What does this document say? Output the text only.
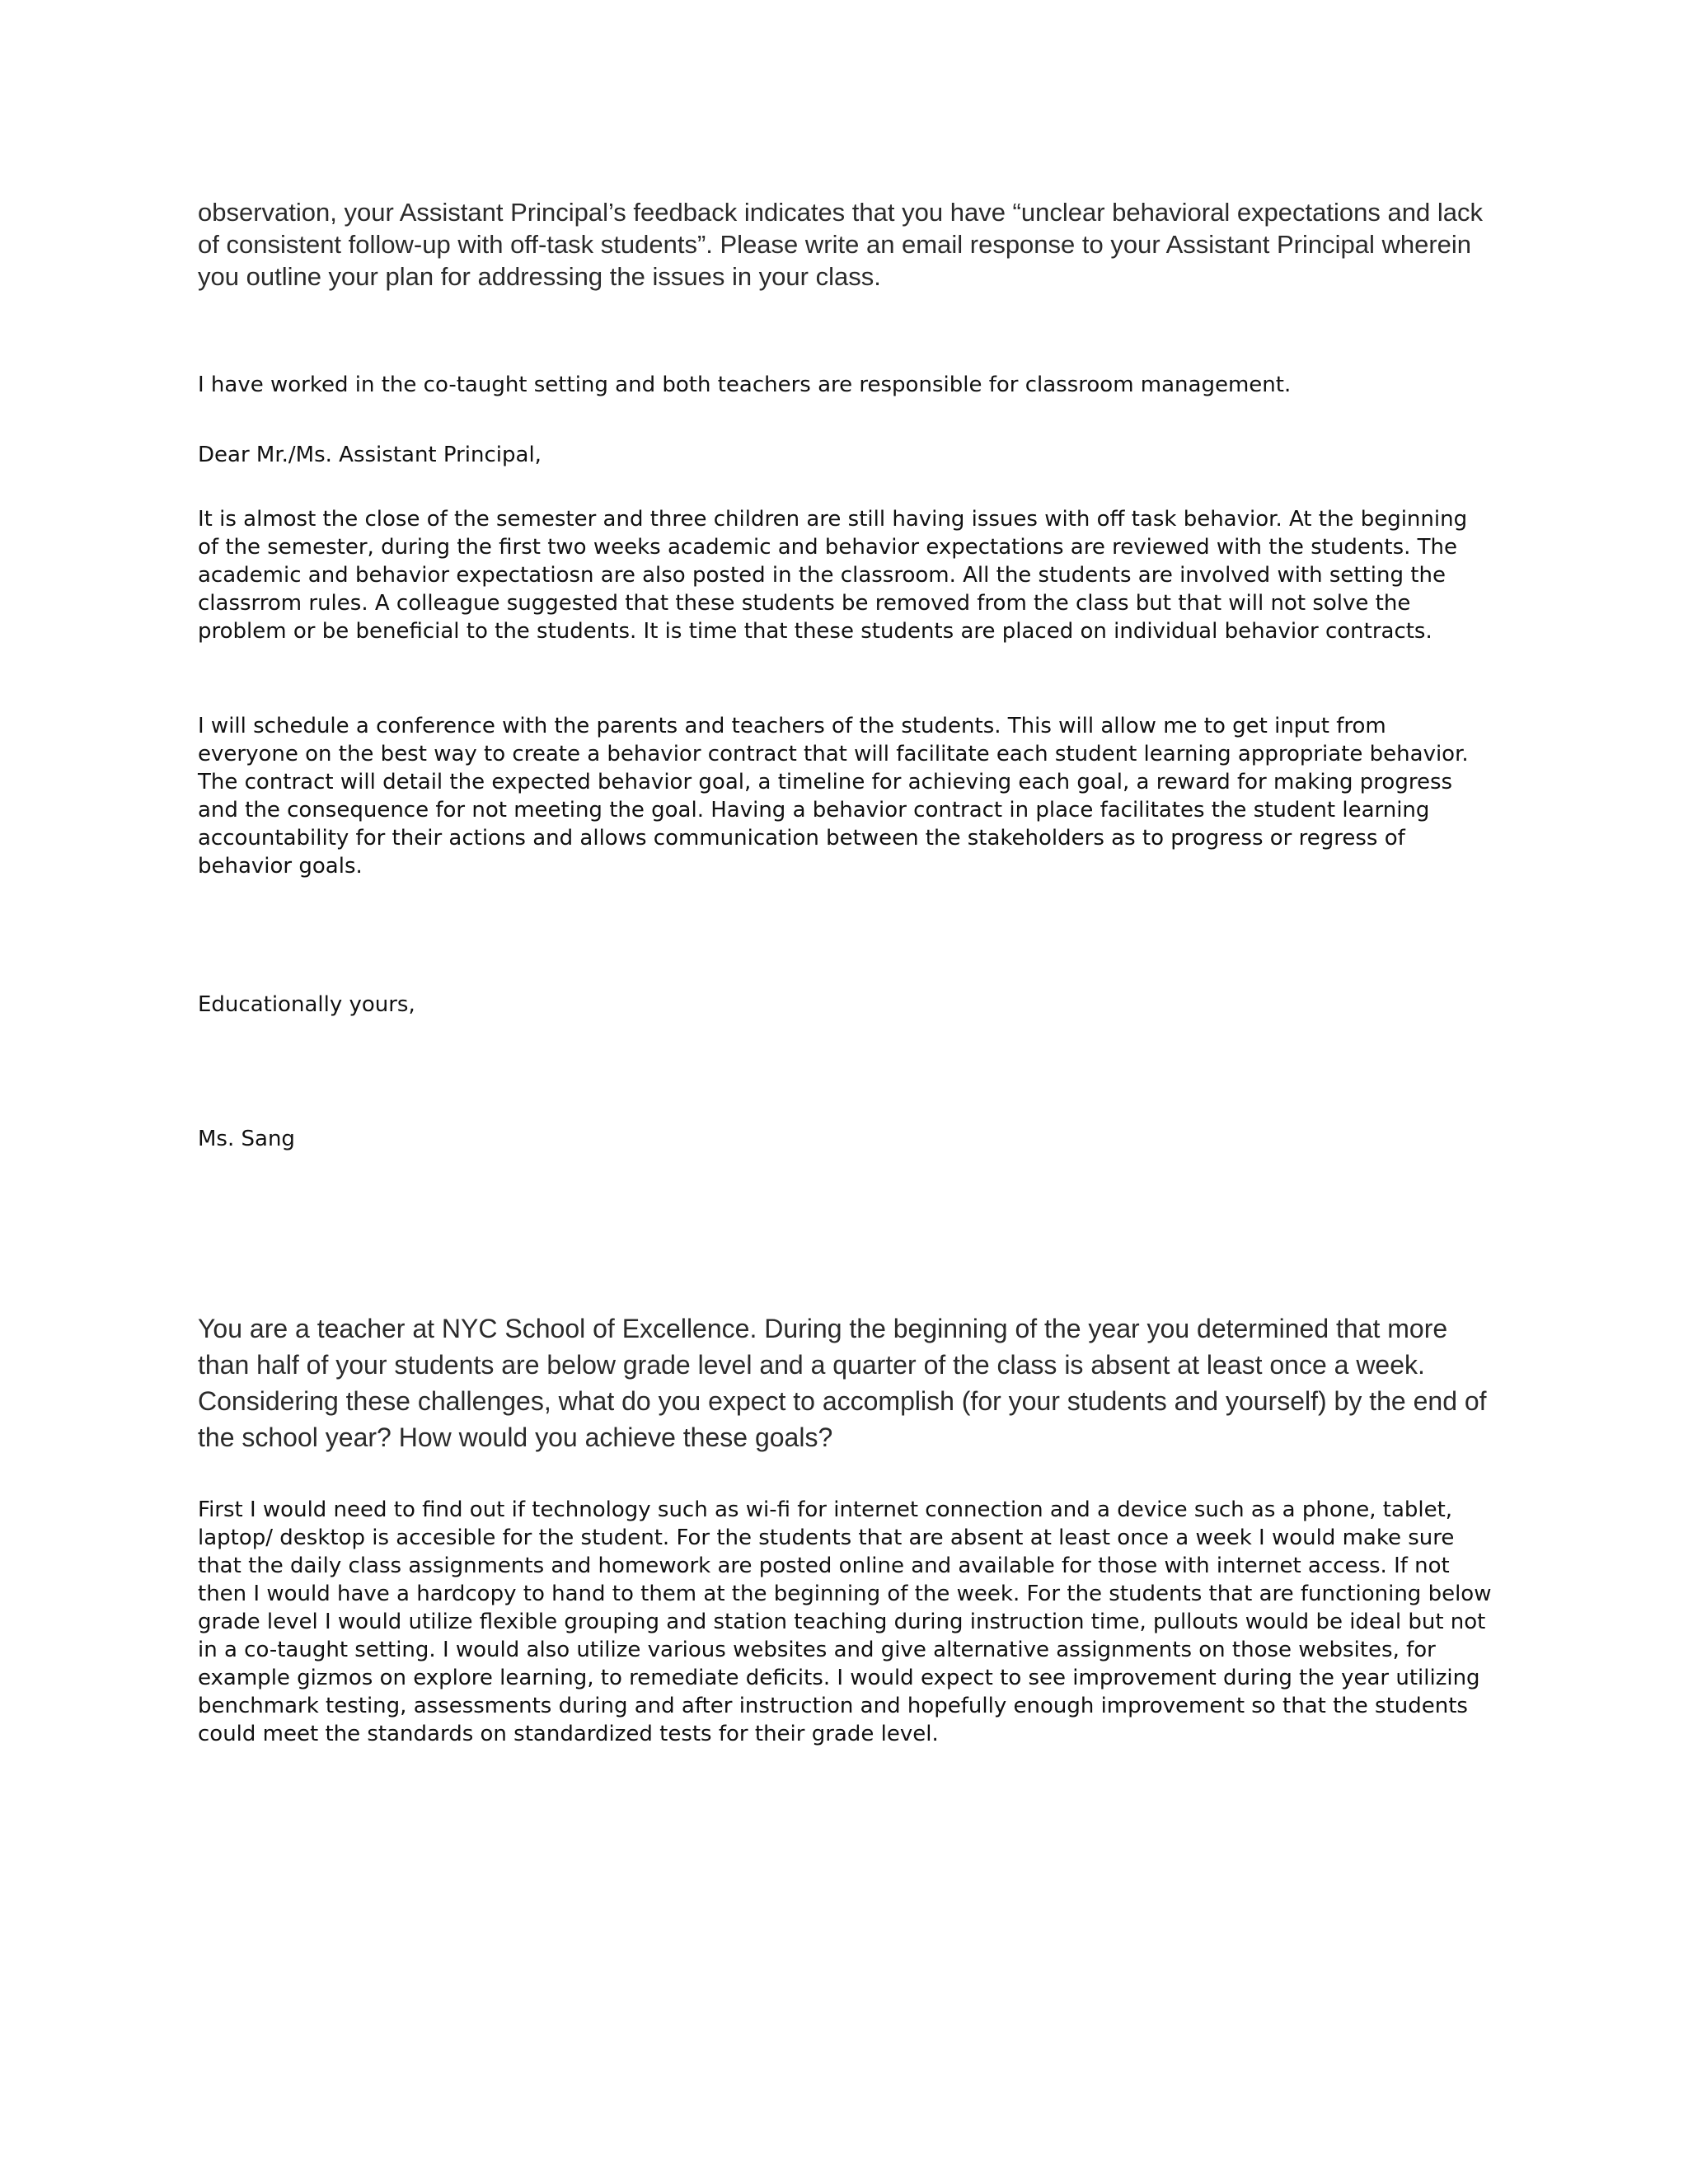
observation, your Assistant Principal’s feedback indicates that you have “unclear behavioral expectations and lack of consistent follow-up with off-task students”. Please write an email response to your Assistant Principal wherein you outline your plan for addressing the issues in your class.

I have worked in the co-taught setting and both teachers are responsible for classroom management.

Dear Mr./Ms. Assistant Principal,

It is almost the close of the semester and three children are still having issues with off task behavior. At the beginning of the semester, during the first two weeks academic and behavior expectations are reviewed with the students. The academic and behavior expectatiosn are also posted in the classroom. All the students are involved with setting the classrrom rules. A colleague suggested that these students be removed from the class but that will not solve the problem or be beneficial to the students. It is time that these students are placed on individual behavior contracts.

I will schedule a conference with the parents and teachers of the students. This will allow me to get input from everyone on the best way to create a behavior contract that will facilitate each student learning appropriate behavior. The contract will detail the expected behavior goal, a timeline for achieving each goal, a reward for making progress and the consequence for not meeting the goal. Having a behavior contract in place facilitates the student learning accountability for their actions and allows communication between the stakeholders as to progress or regress of behavior goals.

Educationally yours,

Ms. Sang

You are a teacher at NYC School of Excellence. During the beginning of the year you determined that more than half of your students are below grade level and a quarter of the class is absent at least once a week. Considering these challenges, what do you expect to accomplish (for your students and yourself) by the end of the school year? How would you achieve these goals?

First I would need to find out if technology such as wi-fi for internet connection and a device such as a phone, tablet, laptop/ desktop is accesible for the student. For the students that are absent at least once a week I would make sure that the daily class assignments and homework are posted online and available for those with internet access. If not then I would have a hardcopy to hand to them at the beginning of the week. For the students that are functioning below grade level I would utilize flexible grouping and station teaching during instruction time, pullouts would be ideal but not in a co-taught setting. I would also utilize various websites and give alternative assignments on those websites, for example gizmos on explore learning, to remediate deficits. I would expect to see improvement during the year utilizing benchmark testing, assessments during and after instruction and hopefully enough improvement so that the students could meet the standards on standardized tests for their grade level.
